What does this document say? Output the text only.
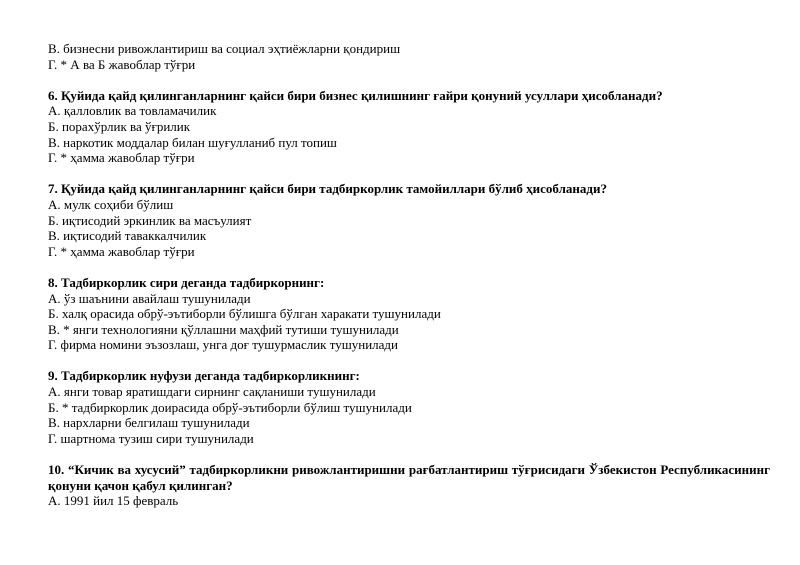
В. бизнесни ривожлантириш ва социал эҳтиёжларни қондириш
Г. * А ва Б жавоблар тўғри
6. Қуйида қайд қилинганларнинг қайси бири бизнес қилишнинг ғайри қонуний усуллари ҳисобланади?
А. қалловлик ва товламачилик
Б. порахўрлик ва ўғрилик
В. наркотик моддалар билан шуғулланиб пул топиш
Г. * ҳамма жавоблар тўғри
7. Қуйида қайд қилинганларнинг қайси бири тадбиркорлик тамойиллари бўлиб ҳисобланади?
А. мулк соҳиби бўлиш
Б. иқтисодий эркинлик ва масъулият
В. иқтисодий таваккалчилик
Г. * ҳамма жавоблар тўғри
8. Тадбиркорлик сири деганда тадбиркорнинг:
А. ўз шаънини авайлаш тушунилади
Б. халқ орасида обрў-эътиборли бўлишга бўлган харакати тушунилади
В. * янги технологияни қўллашни маҳфий тутиши тушунилади
Г. фирма номини эъзозлаш, унга доғ тушурмаслик тушунилади
9. Тадбиркорлик нуфузи деганда тадбиркорликнинг:
А. янги товар яратишдаги сирнинг сақланиши тушунилади
Б. * тадбиркорлик доирасида обрў-эътиборли бўлиш тушунилади
В. нархларни белгилаш тушунилади
Г. шартнома тузиш сири тушунилади
10. “Кичик ва хусусий” тадбиркорликни ривожлантиришни рағбатлантириш тўғрисидаги Ўзбекистон Республикасининг қонуни қачон қабул қилинган?
А. 1991 йил 15 февраль
